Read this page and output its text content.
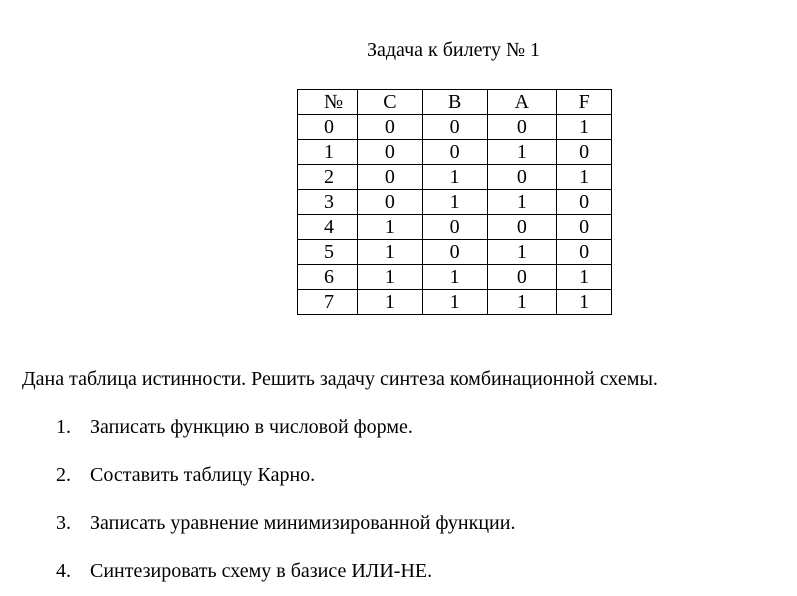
Задача к билету № 1
№	C	B	A	F
0	0	0	0	1
1	0	0	1	0
2	0	1	0	1
3	0	1	1	0
4	1	0	0	0
5	1	0	1	0
6	1	1	0	1
7	1	1	1	1
Дана таблица истинности. Решить задачу синтеза комбинационной схемы.
1. Записать функцию в числовой форме.
2. Составить таблицу Карно.
3. Записать уравнение минимизированной функции.
4. Синтезировать схему в базисе ИЛИ-НЕ.
